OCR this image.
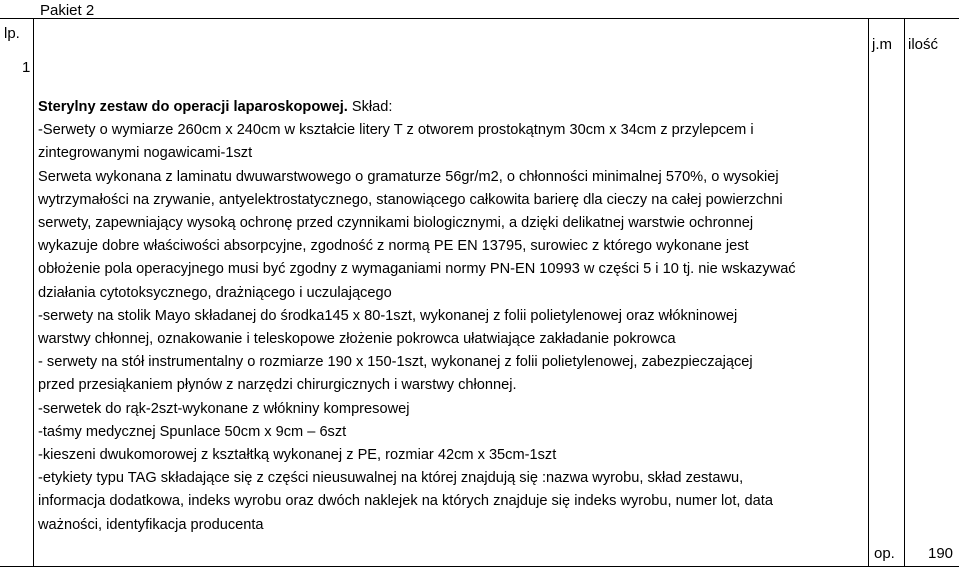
Pakiet 2
lp.
j.m ilość
1
Sterylny zestaw do operacji laparoskopowej. Skład:
-Serwety o wymiarze 260cm x 240cm w kształcie litery T z otworem prostokątnym 30cm x 34cm z przylepcem i
zintegrowanymi nogawicami-1szt
Serweta wykonana z laminatu dwuwarstwowego o gramaturze 56gr/m2, o chłonności minimalnej 570%, o wysokiej
wytrzymałości na zrywanie, antyelektrostatycznego, stanowiącego całkowita barierę dla cieczy na całej powierzchni
serwety, zapewniający wysoką ochronę przed czynnikami biologicznymi, a dzięki delikatnej warstwie ochronnej
wykazuje dobre właściwości absorpcyjne, zgodność z normą PE EN 13795, surowiec z którego wykonane jest
obłożenie pola operacyjnego musi być zgodny z wymaganiami normy PN-EN 10993 w części 5 i 10 tj. nie wskazywać
działania cytotoksycznego, drażniącego i uczulającego
-serwety na stolik Mayo składanej do środka145 x 80-1szt, wykonanej z folii polietylenowej oraz włókninowej
warstwy chłonnej, oznakowanie i teleskopowe złożenie pokrowca ułatwiające zakładanie pokrowca
- serwety na stół instrumentalny o rozmiarze 190 x 150-1szt, wykonanej z folii polietylenowej, zabezpieczającej
przed przesiąkaniem płynów z narzędzi chirurgicznych i warstwy chłonnej.
-serwetek do rąk-2szt-wykonane z włókniny kompresowej
-taśmy medycznej Spunlace 50cm x 9cm – 6szt
-kieszeni dwukomorowej z kształtką wykonanej z PE, rozmiar 42cm x 35cm-1szt
-etykiety typu TAG składające się z części nieusuwalnej na której znajdują się :nazwa wyrobu, skład zestawu,
informacja dodatkowa, indeks wyrobu oraz dwóch naklejek na których znajduje się indeks wyrobu, numer lot, data
ważności, identyfikacja producenta
op. 190
